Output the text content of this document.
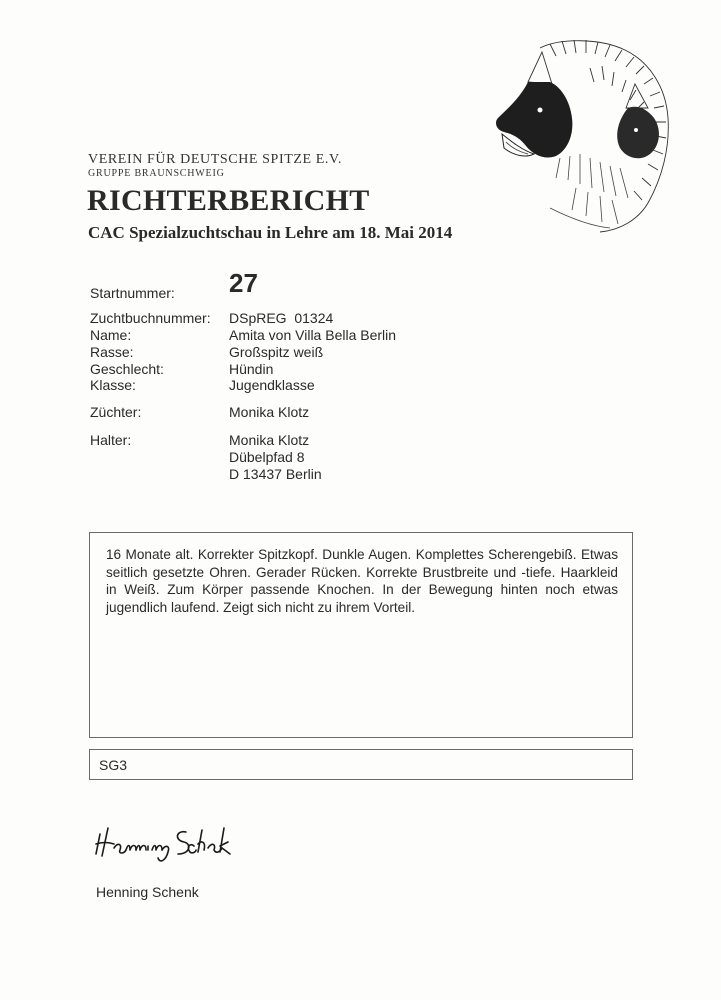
VEREIN FÜR DEUTSCHE SPITZE E.V.
GRUPPE BRAUNSCHWEIG
RICHTERBERICHT
CAC Spezialzuchtschau in Lehre am 18. Mai 2014
Startnummer: 27
Zuchtbuchnummer: DSpREG  01324
Name:	Amita von Villa Bella Berlin
Rasse:	Großspitz weiß
Geschlecht:	Hündin
Klasse:	Jugendklasse
Züchter:	Monika Klotz
Halter:	Monika Klotz
Dübelpfad 8
D 13437 Berlin
16 Monate alt. Korrekter Spitzkopf. Dunkle Augen. Komplettes Scherengebiß. Etwas seitlich gesetzte Ohren. Gerader Rücken. Korrekte Brustbreite und -tiefe. Haarkleid in Weiß. Zum Körper passende Knochen. In der Bewegung hinten noch etwas jugendlich laufend. Zeigt sich nicht zu ihrem Vorteil.
SG3
Henning Schenk
